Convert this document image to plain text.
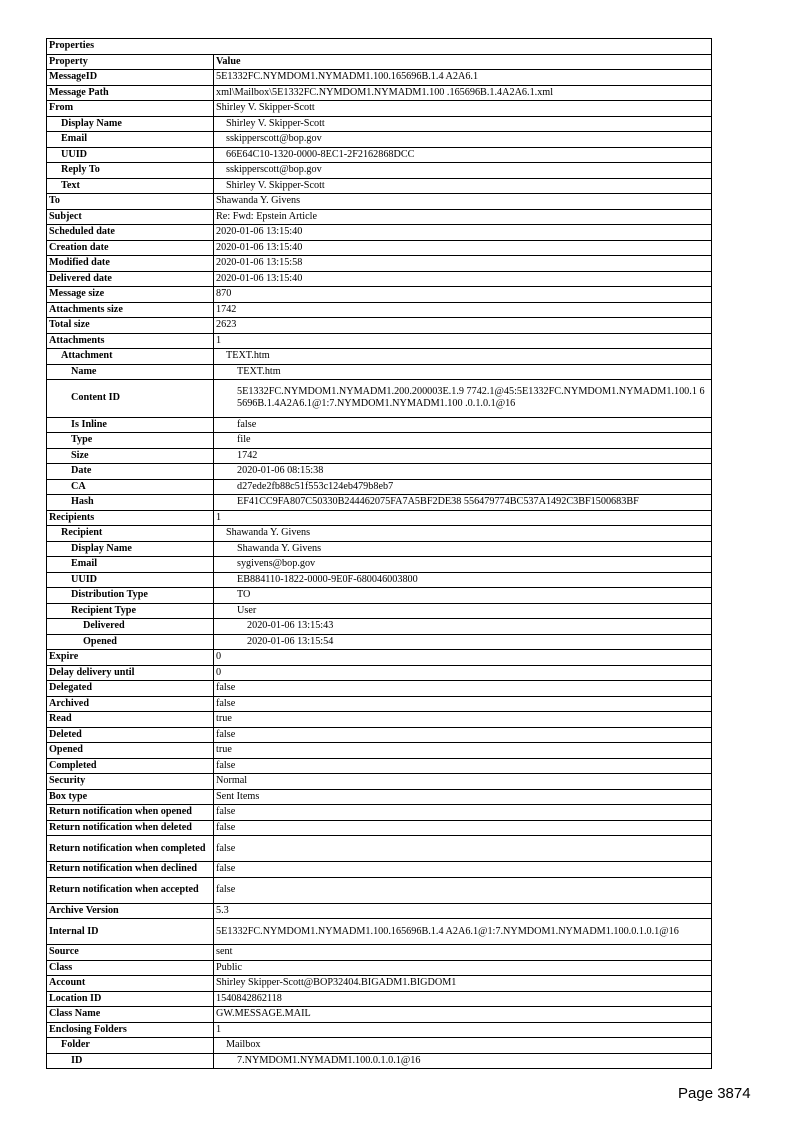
Properties	
Property	Value
MessageID	5E1332FC.NYMDOM1.NYMADM1.100.165696B.1.4 A2A6.1
Message Path	xml\Mailbox\5E1332FC.NYMDOM1.NYMADM1.100 .165696B.1.4A2A6.1.xml
From	Shirley V. Skipper-Scott
Display Name	Shirley V. Skipper-Scott
Email	sskipperscott@bop.gov
UUID	66E64C10-1320-0000-8EC1-2F2162868DCC
Reply To	sskipperscott@bop.gov
Text	Shirley V. Skipper-Scott
To	Shawanda Y. Givens
Subject	Re: Fwd: Epstein Article
Scheduled date	2020-01-06 13:15:40
Creation date	2020-01-06 13:15:40
Modified date	2020-01-06 13:15:58
Delivered date	2020-01-06 13:15:40
Message size	870
Attachments size	1742
Total size	2623
Attachments	1
Attachment	TEXT.htm
Name	TEXT.htm
Content ID	5E1332FC.NYMDOM1.NYMADM1.200.200003E.1.9 7742.1@45:5E1332FC.NYMDOM1.NYMADM1.100.1 65696B.1.4A2A6.1@1:7.NYMDOM1.NYMADM1.100 .0.1.0.1@16
Is Inline	false
Type	file
Size	1742
Date	2020-01-06 08:15:38
CA	d27ede2fb88c51f553c124eb479b8eb7
Hash	EF41CC9FA807C50330B244462075FA7A5BF2DE38 556479774BC537A1492C3BF1500683BF
Recipients	1
Recipient	Shawanda Y. Givens
Display Name	Shawanda Y. Givens
Email	sygivens@bop.gov
UUID	EB884110-1822-0000-9E0F-680046003800
Distribution Type	TO
Recipient Type	User
Delivered	2020-01-06 13:15:43
Opened	2020-01-06 13:15:54
Expire	0
Delay delivery until	0
Delegated	false
Archived	false
Read	true
Deleted	false
Opened	true
Completed	false
Security	Normal
Box type	Sent Items
Return notification when opened	false
Return notification when deleted	false
Return notification when completed	false
Return notification when declined	false
Return notification when accepted	false
Archive Version	5.3
Internal ID	5E1332FC.NYMDOM1.NYMADM1.100.165696B.1.4 A2A6.1@1:7.NYMDOM1.NYMADM1.100.0.1.0.1@16
Source	sent
Class	Public
Account	Shirley Skipper-Scott@BOP32404.BIGADM1.BIGDOM1
Location ID	1540842862118
Class Name	GW.MESSAGE.MAIL
Enclosing Folders	1
Folder	Mailbox
ID	7.NYMDOM1.NYMADM1.100.0.1.0.1@16
Page 3874
